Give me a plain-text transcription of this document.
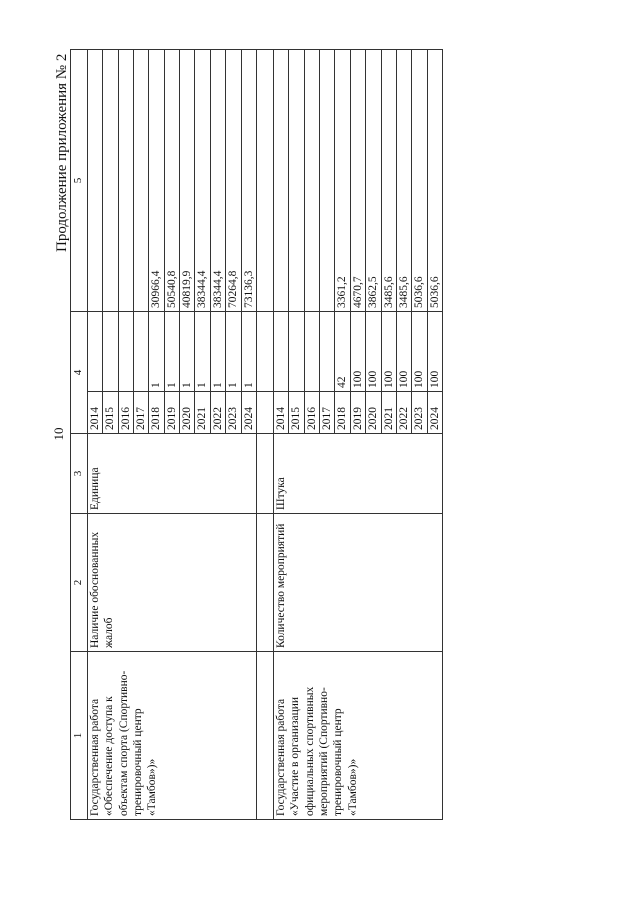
10
Продолжение приложения № 2
1	2	3	4		5
Государственная работа «Обеспечение доступа к объектам спорта (Спортивно-тренировочный центр «Тамбов»)»	Наличие обоснованных жалоб	Единица	2014		
			2015		
			2016		
			2017		
			2018	1	30966,4
			2019	1	50540,8
			2020	1	40819,9
			2021	1	38344,4
			2022	1	38344,4
			2023	1	70264,8
			2024	1	73136,3

Государственная работа «Участие в организации официальных спортивных мероприятий (Спортивно-тренировочный центр «Тамбов»)»	Количество мероприятий	Штука	2014		
			2015		
			2016		
			2017		
			2018	42	3361,2
			2019	100	4670,7
			2020	100	3862,5
			2021	100	3485,6
			2022	100	3485,6
			2023	100	5036,6
			2024	100	5036,6
